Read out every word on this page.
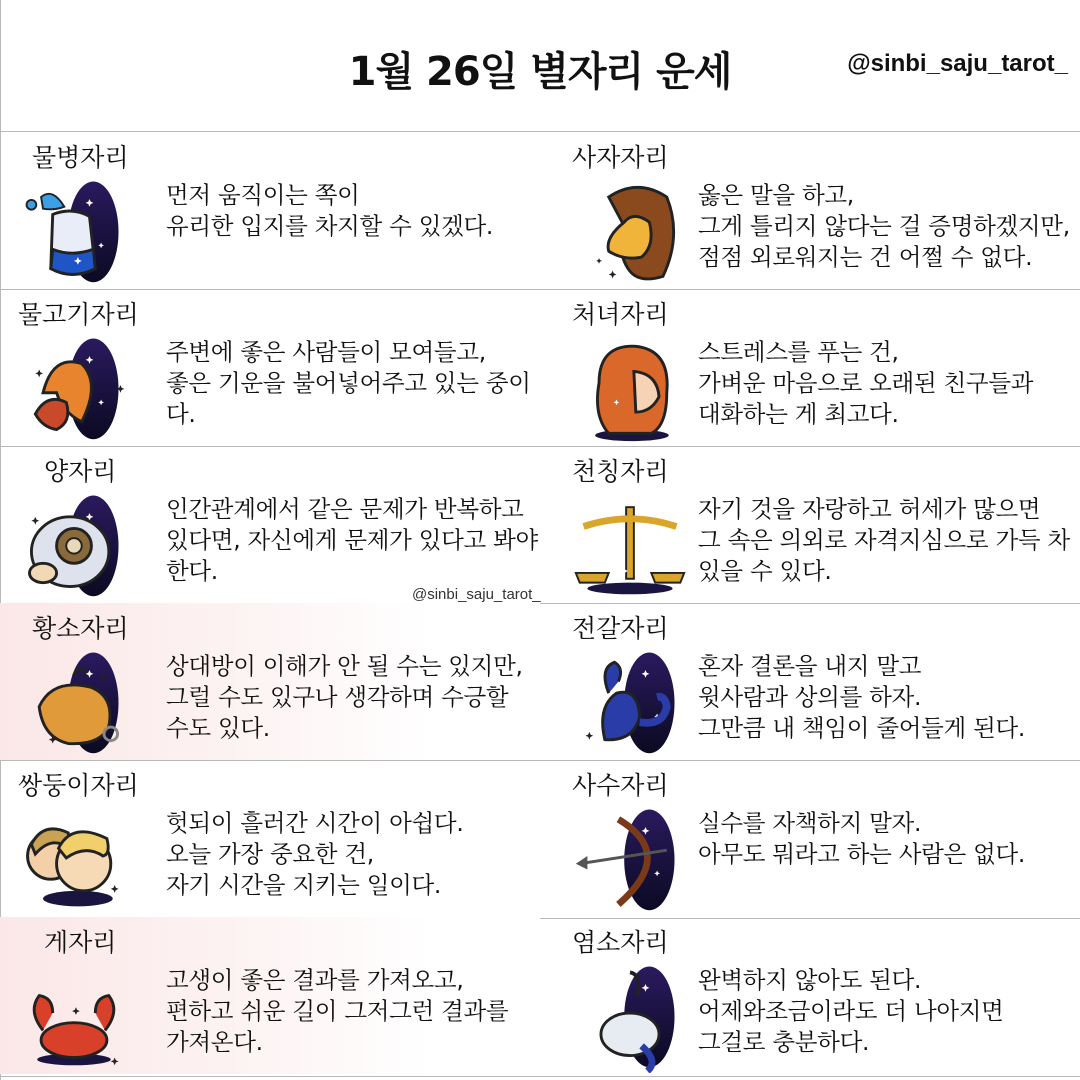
1월 26일 별자리 운세	@sinbi_saju_tarot_
물병자리
먼저 움직이는 쪽이
유리한 입지를 차지할 수 있겠다.
물고기자리
주변에 좋은 사람들이 모여들고,
좋은 기운을 불어넣어주고 있는 중이
다.
양자리
인간관계에서 같은 문제가 반복하고
있다면, 자신에게 문제가 있다고 봐야
한다.
황소자리
상대방이 이해가 안 될 수는 있지만,
그럴 수도 있구나 생각하며 수긍할
수도 있다.
쌍둥이자리
헛되이 흘러간 시간이 아쉽다.
오늘 가장 중요한 건,
자기 시간을 지키는 일이다.
게자리
고생이 좋은 결과를 가져오고,
편하고 쉬운 길이 그저그런 결과를
가져온다.
사자자리
옳은 말을 하고,
그게 틀리지 않다는 걸 증명하겠지만,
점점 외로워지는 건 어쩔 수 없다.
처녀자리
스트레스를 푸는 건,
가벼운 마음으로 오래된 친구들과
대화하는 게 최고다.
천칭자리
자기 것을 자랑하고 허세가 많으면
그 속은 의외로 자격지심으로 가득 차
있을 수 있다.
전갈자리
혼자 결론을 내지 말고
윗사람과 상의를 하자.
그만큼 내 책임이 줄어들게 된다.
사수자리
실수를 자책하지 말자.
아무도 뭐라고 하는 사람은 없다.
염소자리
완벽하지 않아도 된다.
어제와조금이라도 더 나아지면
그걸로 충분하다.
@sinbi_saju_tarot_
